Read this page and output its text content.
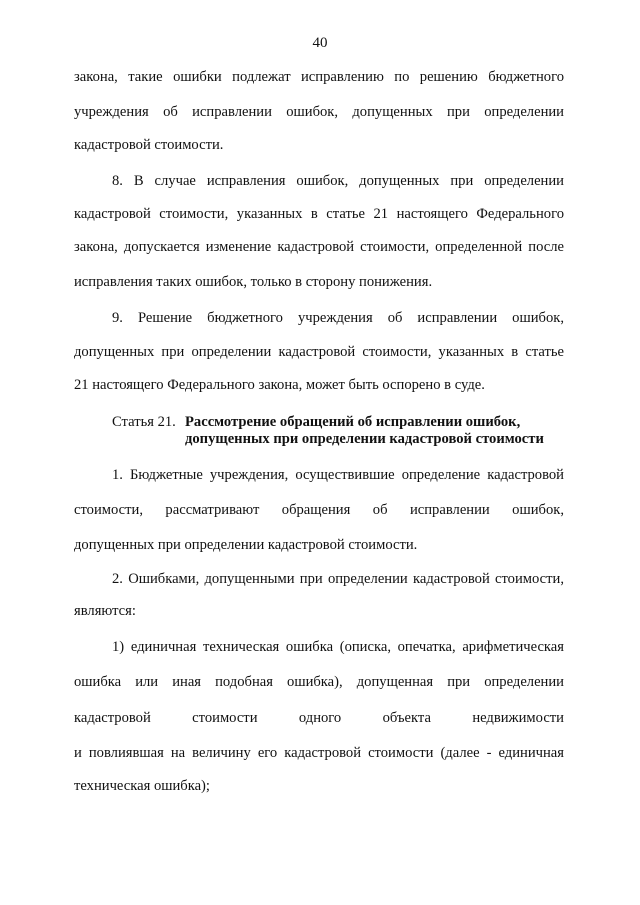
40
закона, такие ошибки подлежат исправлению по решению бюджетного
учреждения об исправлении ошибок, допущенных при определении
кадастровой стоимости.
8. В случае исправления ошибок, допущенных при определении
кадастровой стоимости, указанных в статье 21 настоящего Федерального
закона, допускается изменение кадастровой стоимости, определенной после
исправления таких ошибок, только в сторону понижения.
9. Решение бюджетного учреждения об исправлении ошибок,
допущенных при определении кадастровой стоимости, указанных в статье
21 настоящего Федерального закона, может быть оспорено в суде.
Статья 21. Рассмотрение обращений об исправлении ошибок,
допущенных при определении кадастровой стоимости
1. Бюджетные учреждения, осуществившие определение кадастровой
стоимости, рассматривают обращения об исправлении ошибок,
допущенных при определении кадастровой стоимости.
2. Ошибками, допущенными при определении кадастровой стоимости,
являются:
1) единичная техническая ошибка (описка, опечатка, арифметическая
ошибка или иная подобная ошибка), допущенная при определении
кадастровой стоимости одного объекта недвижимости
и повлиявшая на величину его кадастровой стоимости (далее - единичная
техническая ошибка);
